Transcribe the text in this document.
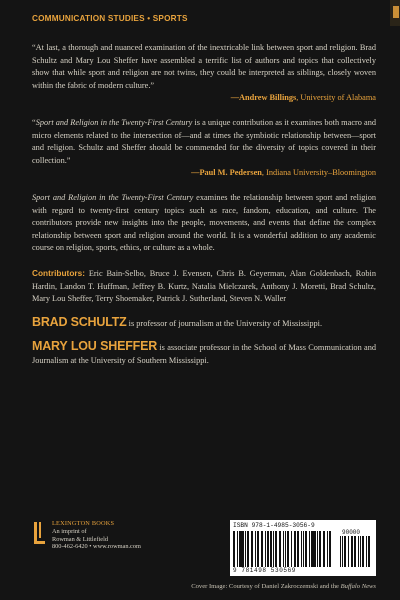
COMMUNICATION STUDIES • SPORTS

“At last, a thorough and nuanced examination of the inextricable link between sport and religion. Brad Schultz and Mary Lou Sheffer have assembled a terrific list of authors and topics that collectively show that while sport and religion are not twins, they could be interpreted as siblings, closely woven within the fabric of modern culture.”

—Andrew Billings, University of Alabama

“Sport and Religion in the Twenty-First Century is a unique contribution as it examines both macro and micro elements related to the intersection of—and at times the symbiotic relationship between—sport and religion. Schultz and Sheffer should be commended for the diversity of topics covered in their collection.”

—Paul M. Pedersen, Indiana University–Bloomington

Sport and Religion in the Twenty-First Century examines the relationship between sport and religion with regard to twenty-first century topics such as race, fandom, education, and culture. The contributors provide new insights into the people, movements, and events that define the complex relationship between sport and religion around the world. It is a wonderful addition to any academic course on religion, sports, ethics, or culture as a whole.

Contributors: Eric Bain-Selbo, Bruce J. Evensen, Chris B. Geyerman, Alan Goldenbach, Robin Hardin, Landon T. Huffman, Jeffrey B. Kurtz, Natalia Mielczarek, Anthony J. Moretti, Brad Schultz, Mary Lou Sheffer, Terry Shoemaker, Patrick J. Sutherland, Steven N. Waller

BRAD SCHULTZ is professor of journalism at the University of Mississippi.

MARY LOU SHEFFER is associate professor in the School of Mass Communication and Journalism at the University of Southern Mississippi.

LEXINGTON BOOKS
An imprint of
Rowman & Littlefield
800-462-6420 • www.rowman.com
ISBN 978-1-4985-3056-9
9 781498 530569
90000
Cover Image: Courtesy of Daniel Zakroczemski and the Buffalo News
